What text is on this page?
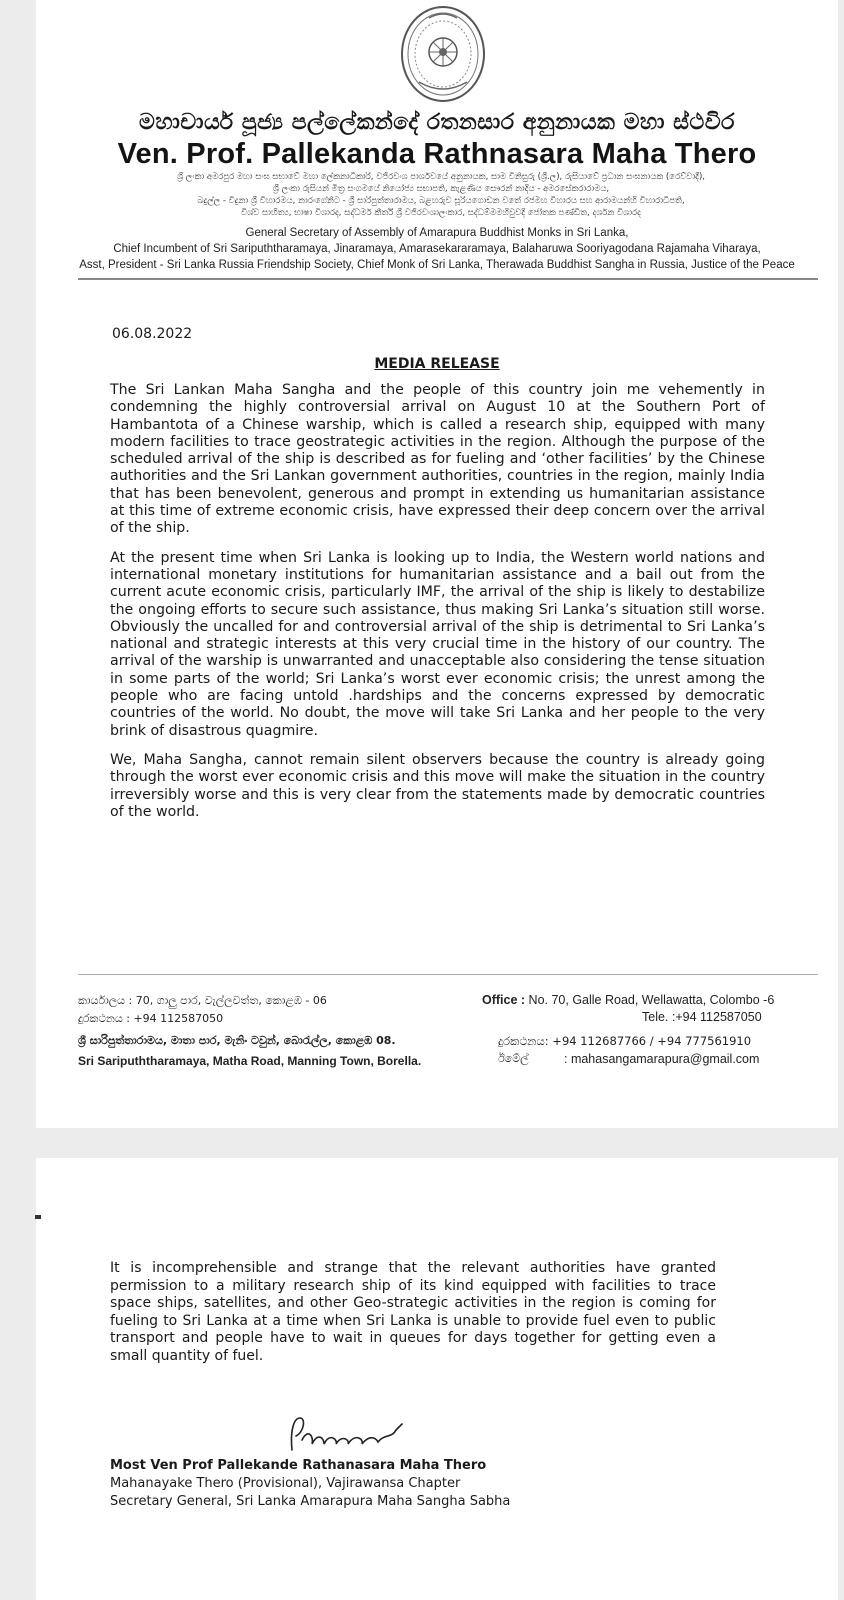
මහාචාර්ය පූජ්‍ය පල්ලේකන්දේ රතනසාර අනුනායක මහා ස්ථවිර
Ven. Prof. Pallekanda Rathnasara Maha Thero
ශ්‍රී ලංකා අමරපුර මහා සංඝ සභාවේ මහා ලේකනාධිකාරි, වජිරවංශ පාර්ශවයේ අනුනායක, සාම විනිසුරු (ශ්‍රී.ල), රුසියාවේ ප්‍රධාන සංඝනායක (රෙව්වාදී),
ශ්‍රී ලංකා රුසියන් මිත්‍ර සංගමයේ නියෝජ්‍ය සභාපති, කැළණිය සෞරන් නාදිය - අමරසේකරාරාමය,
බදුල්ල - විදුනා ශ්‍රී විහාරමය, නාරංගේනිට - ශ්‍රී සාරිපුත්තාරාමය, බළහරුව සූරියගොඩන වතේ රජමහ විහාරය සහ ආරාමයන්හි විහාරාධිපති,
විශ්ව සාහිත්‍ය, භාෂා විශාරද, සද්ධර්ම කීර්ති ශ්‍රී වජිරවංශාලංකාර, සද්ධම්මමහිවුවදි ජෝතක පණ්ඩිත, දර්ශන විශාරද
General Secretary of Assembly of Amarapura Buddhist Monks in Sri Lanka,
Chief Incumbent of Sri Saripuththaramaya, Jinaramaya, Amarasekararamaya, Balaharuwa Sooriyagodana Rajamaha Viharaya,
Asst, President - Sri Lanka Russia Friendship Society, Chief Monk of Sri Lanka, Therawada Buddhist Sangha in Russia, Justice of the Peace
06.08.2022
MEDIA RELEASE

The Sri Lankan Maha Sangha and the people of this country join me vehemently in condemning the highly controversial arrival on August 10 at the Southern Port of Hambantota of a Chinese warship, which is called a research ship, equipped with many modern facilities to trace geostrategic activities in the region. Although the purpose of the scheduled arrival of the ship is described as for fueling and ‘other facilities’ by the Chinese authorities and the Sri Lankan government authorities, countries in the region, mainly India that has been benevolent, generous and prompt in extending us humanitarian assistance at this time of extreme economic crisis, have expressed their deep concern over the arrival of the ship.

At the present time when Sri Lanka is looking up to India, the Western world nations and international monetary institutions for humanitarian assistance and a bail out from the current acute economic crisis, particularly IMF, the arrival of the ship is likely to destabilize the ongoing efforts to secure such assistance, thus making Sri Lanka’s situation still worse. Obviously the uncalled for and controversial arrival of the ship is detrimental to Sri Lanka’s national and strategic interests at this very crucial time in the history of our country. The arrival of the warship is unwarranted and unacceptable also considering the tense situation in some parts of the world; Sri Lanka’s worst ever economic crisis; the unrest among the people who are facing untold .hardships and the concerns expressed by democratic countries of the world. No doubt, the move will take Sri Lanka and her people to the very brink of disastrous quagmire.

We, Maha Sangha, cannot remain silent observers because the country is already going through the worst ever economic crisis and this move will make the situation in the country irreversibly worse and this is very clear from the statements made by democratic countries of the world.

කාර්යාලය : 70, ගාලු පාර, වැල්ලවත්ත, කොළඹ - 06
දුරකථනය : +94 112587050
Office : No. 70, Galle Road, Wellawatta, Colombo -6
Tele. :+94 112587050
ශ්‍රී සාරිපුත්තාරාමය, මාතා පාර, මැනිං ටවුන්, බොරැල්ල, කොළඹ 08.	දුරකථනය: +94 112687766 / +94 777561910
Sri Saripuththaramaya, Matha Road, Manning Town, Borella.	ඊමේල්	: mahasangamarapura@gmail.com

It is incomprehensible and strange that the relevant authorities have granted permission to a military research ship of its kind equipped with facilities to trace space ships, satellites, and other Geo-strategic activities in the region is coming for fueling to Sri Lanka at a time when Sri Lanka is unable to provide fuel even to public transport and people have to wait in queues for days together for getting even a small quantity of fuel.

Most Ven Prof Pallekande Rathanasara Maha Thero
Mahanayake Thero (Provisional), Vajirawansa Chapter
Secretary General, Sri Lanka Amarapura Maha Sangha Sabha
